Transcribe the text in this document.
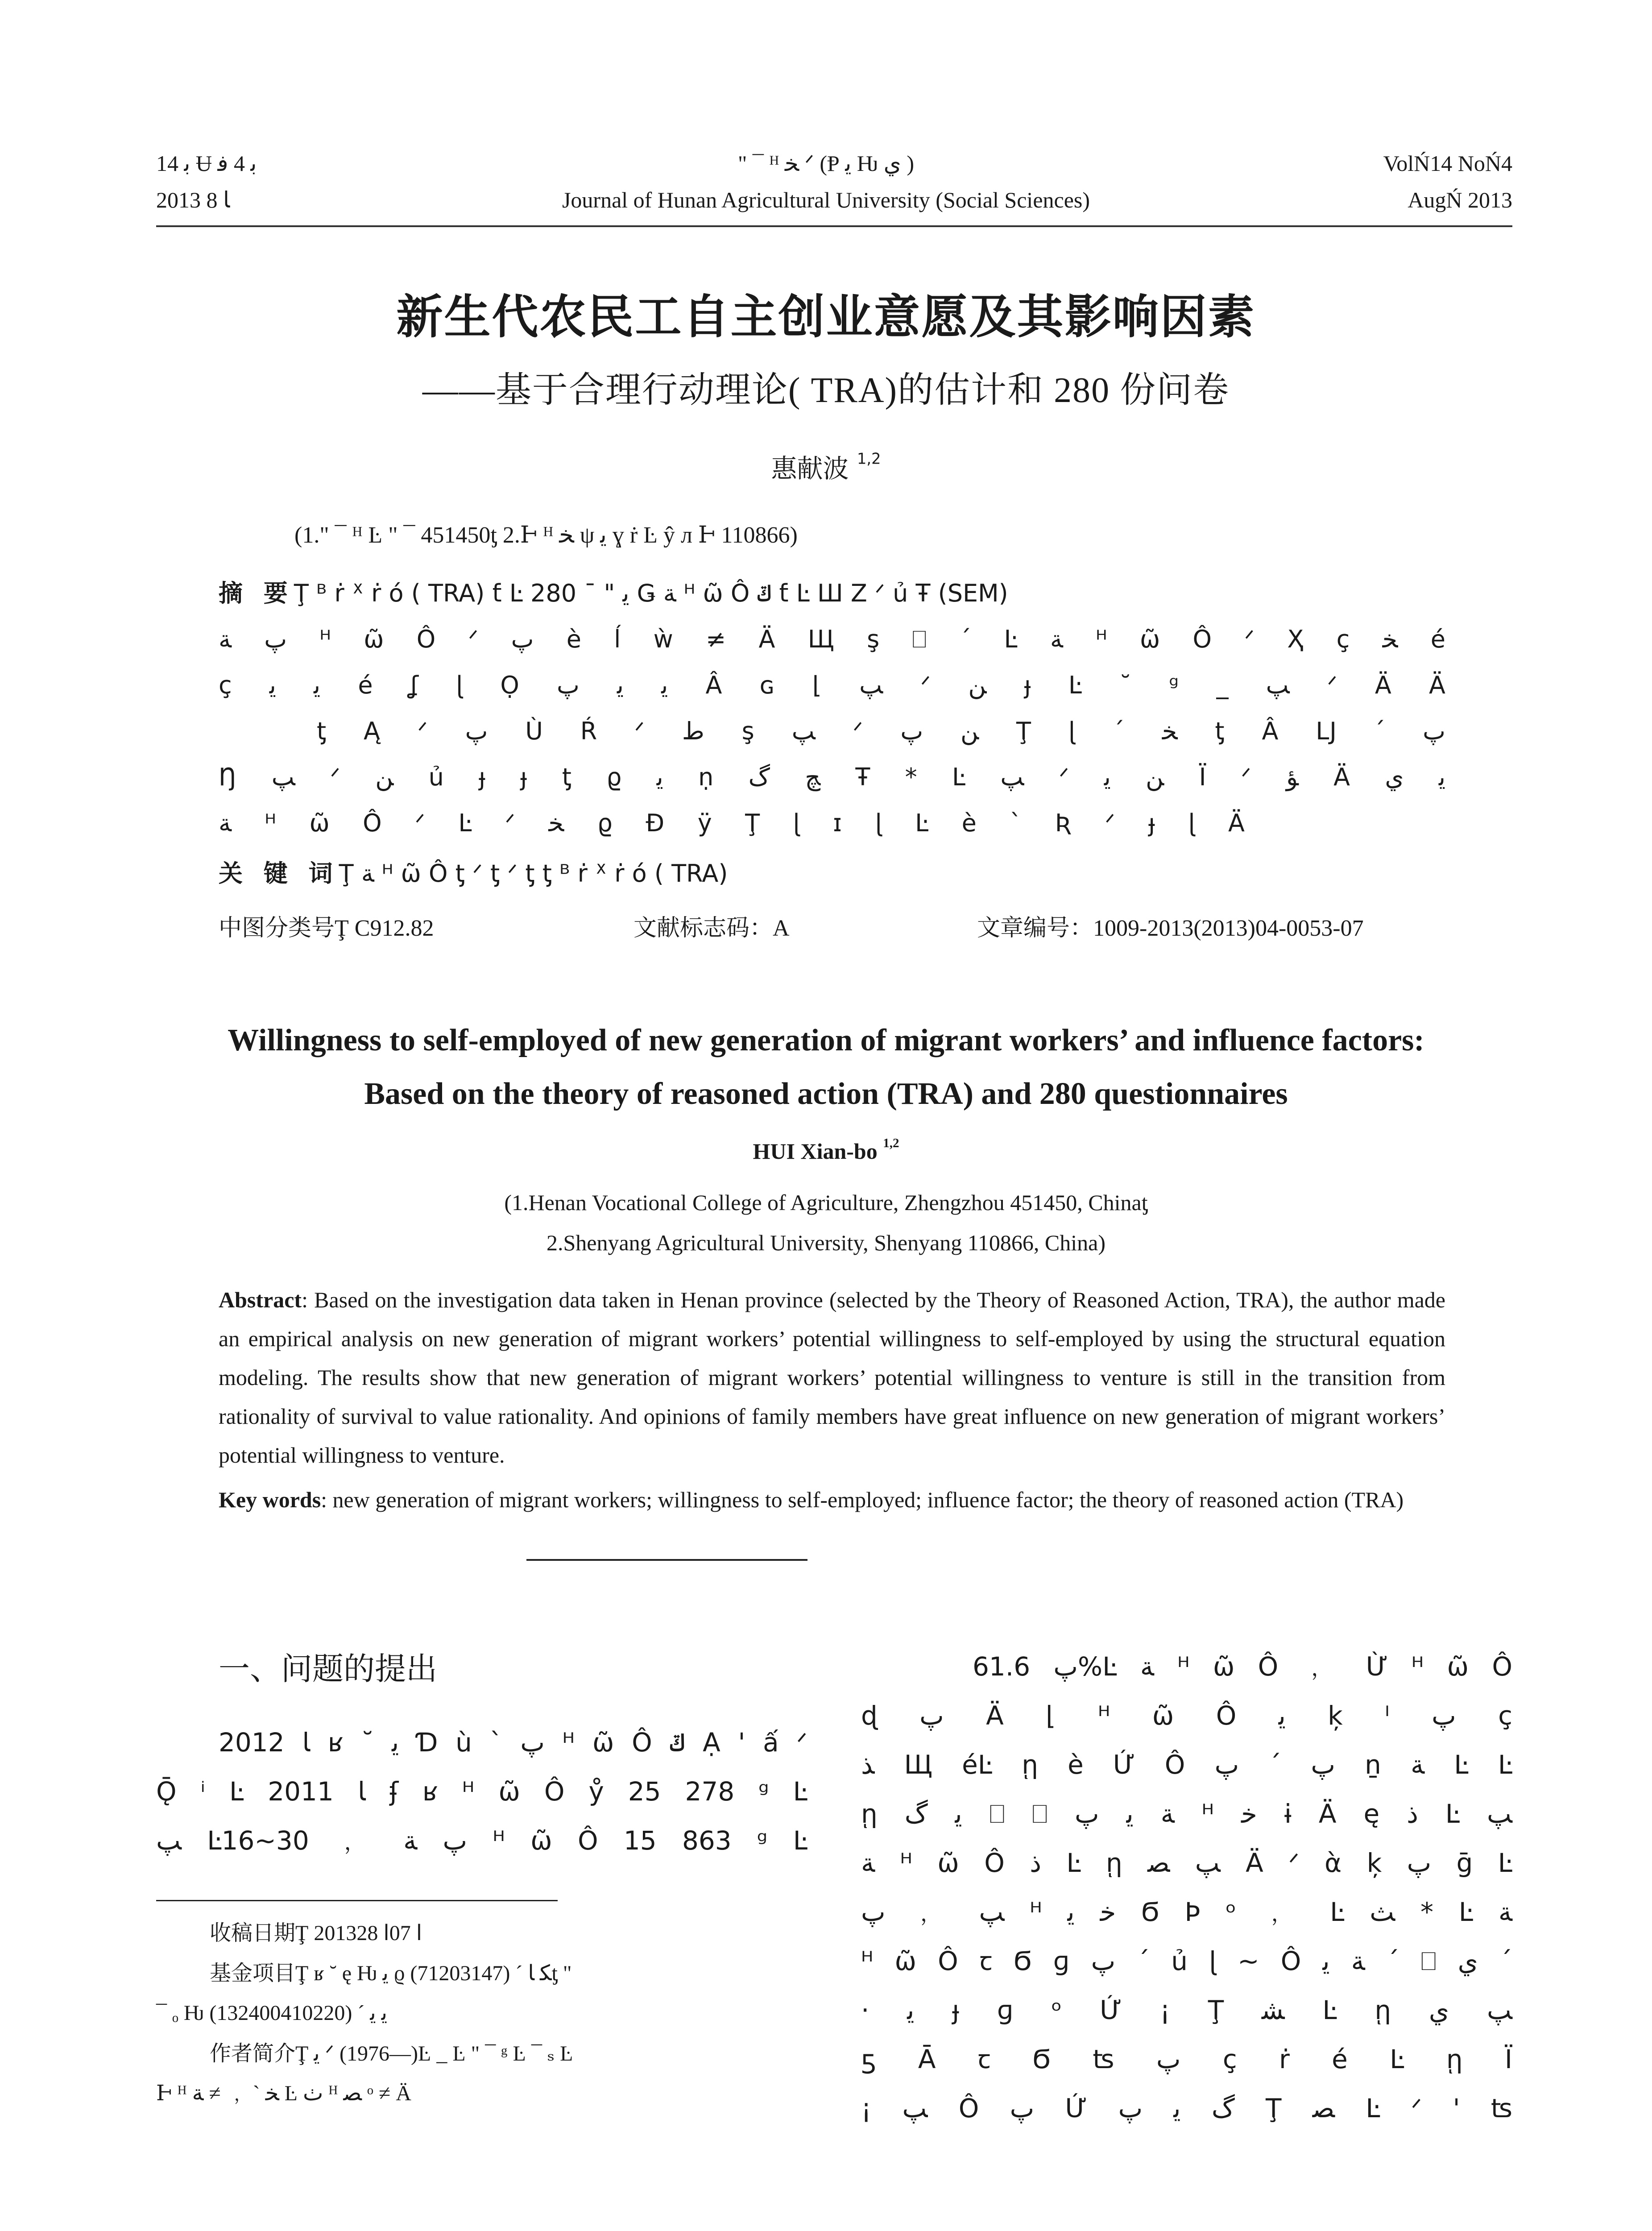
ﺑ 14 Ʉ ﺑ 4 ﻓ
2013 ﺎ 8
" ¯ ᴴ ﺨ ᐟ (Ᵽ ﻳ Ƕ ﻱ )
Journal of Hunan Agricultural University (Social Sciences)
VolŃ14 NoŃ4
AugŃ 2013
新生代农民工自主创业意愿及其影响因素
——基于合理行动理论( TRA)的估计和 280 份问卷
惠献波 $^{1,2}$
(1." ¯ ᴴ Ŀ " ¯ 451450ƫ 2.Ͱ ᴴ ﺨ ψ ﻳ ɣ ṙ Ŀ ŷ л Ͱ 110866)
摘 要Ţ ᴮ ṙ ᕽ ṙ ó ( TRA) ƭ Ŀ ﻳ " ¯ 280 Ǥ ﺔ ᴴ ῶ Ô ݿ ƭ Ŀ Ш Ζ ᐟ ủ Ŧ (SEM)
ﭖ ﺔ ᴴ ῶ Ô ᐟ ﭖ è ĺ ẁ ≠ Ä Щ ş ⎕ ´ Ŀ ﺔ ᴴ ῶ Ô ᐟ Ҳ ç ﺨ é
ç ﻳ ﻳ é ʆ ɭ Ọ ﻳ ﻳ ﭖ Â ɢ ⌊ ﭗ ᐟ ﻦ ɟ Ŀ ˘ ᵍ _ ﭗ ᐟ Ä Ä
ƫ Ą ᐟ ﭖ Ù Ŕ ᐟ ﻁ ş ﭗ ᐟ ﻦ ﭖ Ţ ɭ ´ ﺨ ƫ Â Ǉ ´ ﭖ
Ŋ ﭗ ᐟ ﻦ ủ ɟ ɟ ƫ ϱ ﻳ ṇ ﭻ ﮒ Ŧ * Ŀ ﭗ ᐟ ﻦ ﻳ Ï ᐟ ﺆ Ä ﻳ ﻱ
ﺔ ᴴ ῶ Ô ᐟ Ŀ ᐟ ﺨ ϱ Ð ÿ Ţ ɭ ɪ ɭ Ŀ è ` Ʀ ᐟ ɟ ɭ Ä
关 键 词Ţ ﺔ ᴴ ῶ Ô ƫ ᐟ ƫ ᐟ ƫ ƫ ᴮ ṙ ᕽ ṙ ó ( TRA)
中图分类号Ţ C912.82	文献标志码：A	文章编号：1009-2013(2013)04-0053-07
Willingness to self-employed of new generation of migrant workers’ and influence factors:
Based on the theory of reasoned action (TRA) and 280 questionnaires
HUI Xian-bo $^{1,2}$
(1.Henan Vocational College of Agriculture, Zhengzhou 451450, Chinaƫ
2.Shenyang Agricultural University, Shenyang 110866, China)
Abstract: Based on the investigation data taken in Henan province (selected by the Theory of Reasoned Action, TRA), the author made an empirical analysis on new generation of migrant workers’ potential willingness to self-employed by using the structural equation modeling. The results show that new generation of migrant workers’ potential willingness to venture is still in the transition from rationality of survival to value rationality. And opinions of family members have great influence on new generation of migrant workers’ potential willingness to venture.
Key words: new generation of migrant workers; willingness to self-employed; influence factor; the theory of reasoned action (TRA)
一、问题的提出
2012 ﺎ ʁ ˘ ﻳ Ɗ ù ` ﭖ ᴴ ῶ Ô ݿ Ạ ' ấ ᐟ
Ǭ ⁱ Ŀ 2011 ﺎ ʄ ʁ ᴴ ῶ Ô ẙ 25 278 ᵍ Ŀ
ﭗ Ŀ16~30 ﹐ ﭖ ﺔ ᴴ ῶ Ô 15 863 ᵍ Ŀ
ﭖ 61.6%Ŀ ﺔ ᴴ ῶ Ô ﹐ Ừ ᴴ ῶ Ô
ɖ ﭖ Ä ⌊ ᴴ ῶ Ô ﻳ ķ ᴵ ﭖ ç
ﺬ Щ éĿ ῃ è Ứ Ô ﭖ ´ ﭖ ṉ ﺔ Ŀ Ŀ
ῃ ﻳ ﮒ ⎕ ⎕ ﺔ ﻳ ﭖ ᴴ ﺧ ɨ Ä ę ﺫ Ŀ ﭗ
ﺔ ᴴ ῶ Ô ﺫ Ŀ ῃ ﭗ ﺼ Ä ᐟ ὰ ķ ﭖ ḡ Ŀ
ﭗ ﹐ ﭖ ᴴ ﺧ ﻳ Ϭ Ϸ ᵒ ﹐ Ŀ ﺚ * Ŀ ﺔ
ᴴ ῶ Ô ꞇ Ϭ ɡ ﭖ ´ ủ ɭ ~ Ô ﺔ ﻳ ´ ⎕ ﻱ ´
· ﻳ ɟ ɡ ᵒ Ứ ¡ Ţ ﺸ Ŀ ῃ ﭗ ﻱ
ƽ Ā ꞇ Ϭ ʦ ﭖ ç ṙ é Ŀ ῃ Ï
¡ ﭗ Ô ﭖ Ứ ﮒ ﻳ ﭖ Ţ ﺼ Ŀ ᐟ ' ʦ
收稿日期Ţ 2013ﺍ 07ﺍ 28
基金项目Ţ ʁ ˘ ę Ƕ ﻳ ϱ ﮑ ﺎ ´ (71203147)ƫ "
¯ ₒ Ƕ ﻳ ﻳ ´ (132400410220)
作者简介Ţ ﻳ ᐟ (1976—)Ŀ _ Ŀ " ¯ ᵍ Ŀ ¯ ₛ Ŀ
Ͱ ᴴ ﺨ ` ﹐ ≠ ﺔ Ŀ ﭞ ᴴ ﺼ ᵒ ≠ Ä
